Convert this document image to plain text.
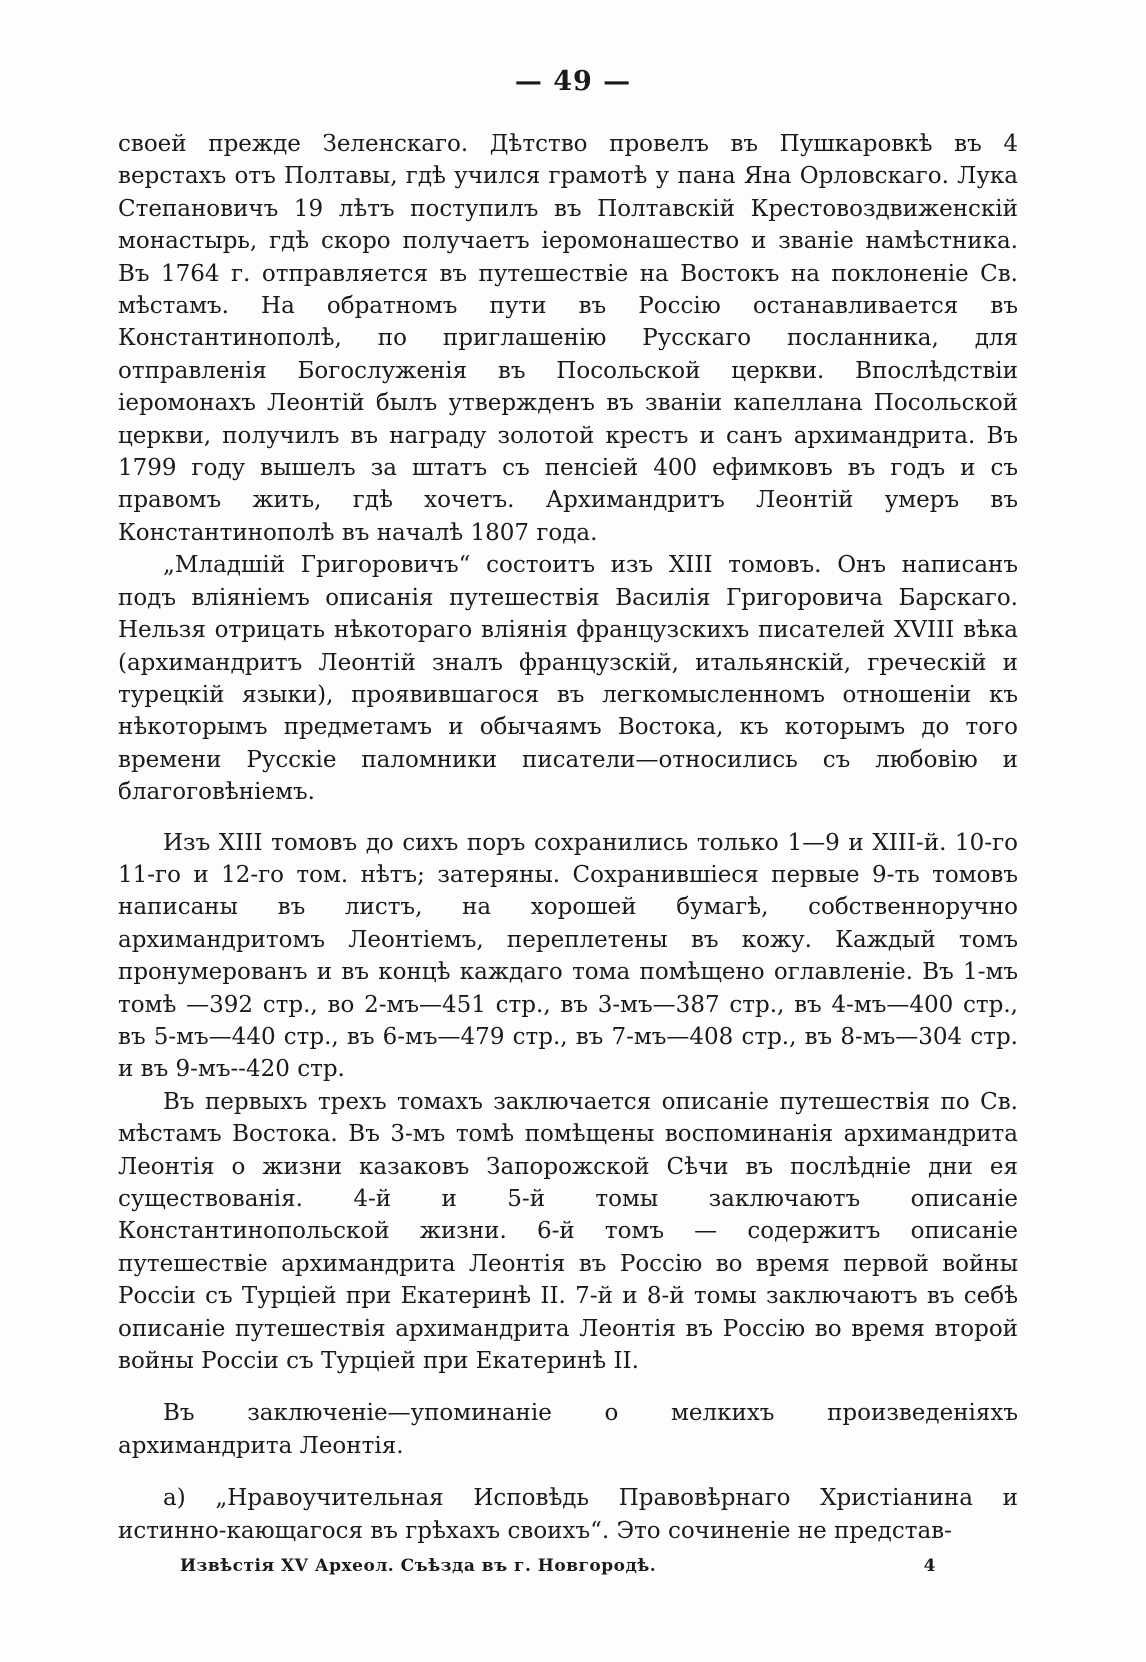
— 49 —

своей прежде Зеленскаго. Дѣтство провелъ въ Пушкаровкѣ въ 4 верстахъ отъ Полтавы, гдѣ учился грамотѣ у пана Яна Орловскаго. Лука Степановичъ 19 лѣтъ поступилъ въ Полтавскій Крестовоздвиженскій монастырь, гдѣ скоро получаетъ іеромонашество и званіе намѣстника. Въ 1764 г. отправляется въ путешествіе на Востокъ на поклоненіе Св. мѣстамъ. На обратномъ пути въ Россію останавливается въ Константинополѣ, по приглашенію Русскаго посланника, для отправленія Богослуженія въ Посольской церкви. Впослѣдствіи іеромонахъ Леонтій былъ утвержденъ въ званіи капеллана Посольской церкви, получилъ въ награду золотой крестъ и санъ архимандрита. Въ 1799 году вышелъ за штатъ съ пенсіей 400 ефимковъ въ годъ и съ правомъ жить, гдѣ хочетъ. Архимандритъ Леонтій умеръ въ Константинополѣ въ началѣ 1807 года.

„Младшій Григоровичъ“ состоитъ изъ XIII томовъ. Онъ написанъ подъ вліяніемъ описанія путешествія Василія Григоровича Барскаго. Нельзя отрицать нѣкотораго вліянія французскихъ писателей XVIII вѣка (архимандритъ Леонтій зналъ французскій, итальянскій, греческій и турецкій языки), проявившагося въ легкомысленномъ отношеніи къ нѣкоторымъ предметамъ и обычаямъ Востока, къ которымъ до того времени Русскіе паломники писатели—относились съ любовію и благоговѣніемъ.

Изъ XIII томовъ до сихъ поръ сохранились только 1—9 и XIII-й. 10-го 11-го и 12-го том. нѣтъ; затеряны. Сохранившіеся первые 9-ть томовъ написаны въ листъ, на хорошей бумагѣ, собственноручно архимандритомъ Леонтіемъ, переплетены въ кожу. Каждый томъ пронумерованъ и въ концѣ каждаго тома помѣщено оглавленіе. Въ 1-мъ томѣ —392 стр., во 2-мъ—451 стр., въ 3-мъ—387 стр., въ 4-мъ—400 стр., въ 5-мъ—440 стр., въ 6-мъ—479 стр., въ 7-мъ—408 стр., въ 8-мъ—304 стр. и въ 9-мъ--420 стр.

Въ первыхъ трехъ томахъ заключается описаніе путешествія по Св. мѣстамъ Востока. Въ 3-мъ томѣ помѣщены воспоминанія архимандрита Леонтія о жизни казаковъ Запорожской Сѣчи въ послѣдніе дни ея существованія. 4-й и 5-й томы заключаютъ описаніе Константинопольской жизни. 6-й томъ — содержитъ описаніе путешествіе архимандрита Леонтія въ Россію во время первой войны Россіи съ Турціей при Екатеринѣ II. 7-й и 8-й томы заключаютъ въ себѣ описаніе путешествія архимандрита Леонтія въ Россію во время второй войны Россіи съ Турціей при Екатеринѣ II.

Въ заключеніе—упоминаніе о мелкихъ произведеніяхъ архимандрита Леонтія.

а) „Нравоучительная Исповѣдь Правовѣрнаго Христіанина и истинно-кающагося въ грѣхахъ своихъ“. Это сочиненіе не представ-

Извѣстія XV Археол. Съѣзда въ г. Новгородѣ.	4
